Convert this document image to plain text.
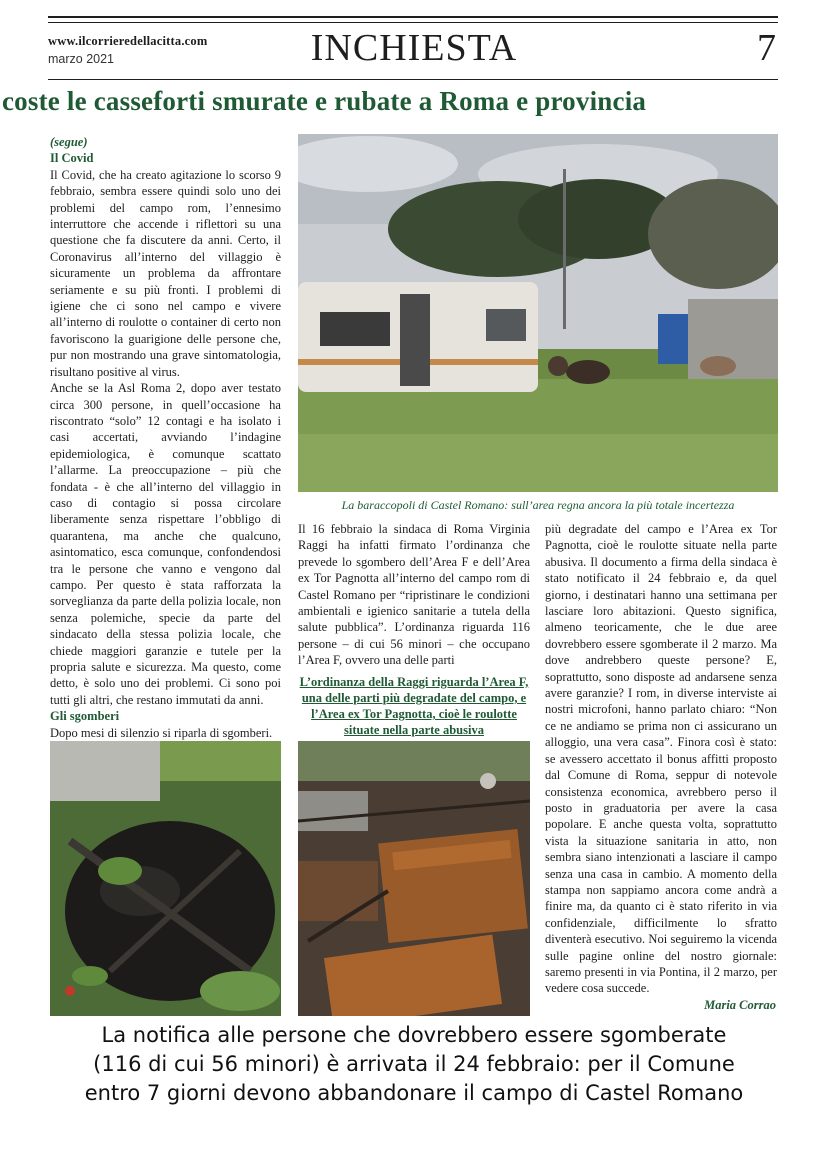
www.ilcorrieredellacitta.com
marzo 2021	INCHIESTA	7
coste le casseforti smurate e rubate a Roma e provincia

(segue)

Il Covid

Il Covid, che ha creato agitazione lo scorso 9 febbraio, sembra essere quindi solo uno dei problemi del campo rom, l’ennesimo interruttore che accende i riflettori su una questione che fa discutere da anni. Certo, il Coronavirus all’interno del villaggio è sicuramente un problema da affrontare seriamente e su più fronti. I problemi di igiene che ci sono nel campo e vivere all’interno di roulotte o container di certo non favoriscono la guarigione delle persone che, pur non mostrando una grave sintomatologia, risultano positive al virus.

Anche se la Asl Roma 2, dopo aver testato circa 300 persone, in quell’occasione ha riscontrato “solo” 12 contagi e ha isolato i casi accertati, avviando l’indagine epidemiologica, è comunque scattato l’allarme. La preoccupazione – più che fondata - è che all’interno del villaggio in caso di contagio si possa circolare liberamente senza rispettare l’obbligo di quarantena, ma anche che qualcuno, asintomatico, esca comunque, confondendosi tra le persone che vanno e vengono dal campo. Per questo è stata rafforzata la sorveglianza da parte della polizia locale, non senza polemiche, specie da parte del sindacato della stessa polizia locale, che chiede maggiori garanzie e tutele per la propria salute e sicurezza. Ma questo, come detto, è solo uno dei problemi. Ci sono poi tutti gli altri, che restano immutati da anni.

Gli sgomberi

Dopo mesi di silenzio si riparla di sgomberi.

La baraccopoli di Castel Romano: sull’area regna ancora la più totale incertezza

Il 16 febbraio la sindaca di Roma Virginia Raggi ha infatti firmato l’ordinanza che prevede lo sgombero dell’Area F e dell’Area ex Tor Pagnotta all’interno del campo rom di Castel Romano per “ripristinare le condizioni ambientali e igienico sanitarie a tutela della salute pubblica”. L’ordinanza riguarda 116 persone – di cui 56 minori – che occupano l’Area F, ovvero una delle parti

L’ordinanza della Raggi riguarda l’Area F, una delle parti più degradate del campo, e l’Area ex Tor Pagnotta, cioè le roulotte situate nella parte abusiva

più degradate del campo e l’Area ex Tor Pagnotta, cioè le roulotte situate nella parte abusiva. Il documento a firma della sindaca è stato notificato il 24 febbraio e, da quel giorno, i destinatari hanno una settimana per lasciare loro abitazioni. Questo significa, almeno teoricamente, che le due aree dovrebbero essere sgomberate il 2 marzo. Ma dove andrebbero queste persone? E, soprattutto, sono disposte ad andarsene senza avere garanzie? I rom, in diverse interviste ai nostri microfoni, hanno parlato chiaro: “Non ce ne andiamo se prima non ci assicurano un alloggio, una vera casa”. Finora così è stato: se avessero accettato il bonus affitti proposto dal Comune di Roma, seppur di notevole consistenza economica, avrebbero perso il posto in graduatoria per avere la casa popolare. E anche questa volta, soprattutto vista la situazione sanitaria in atto, non sembra siano intenzionati a lasciare il campo senza una casa in cambio. A momento della stampa non sappiamo ancora come andrà a finire ma, da quanto ci è stato riferito in via confidenziale, difficilmente lo sfratto diventerà esecutivo. Noi seguiremo la vicenda sulle pagine online del nostro giornale: saremo presenti in via Pontina, il 2 marzo, per vedere cosa succede.

Maria Corrao
La notifica alle persone che dovrebbero essere sgomberate
(116 di cui 56 minori) è arrivata il 24 febbraio: per il Comune
entro 7 giorni devono abbandonare il campo di Castel Romano
